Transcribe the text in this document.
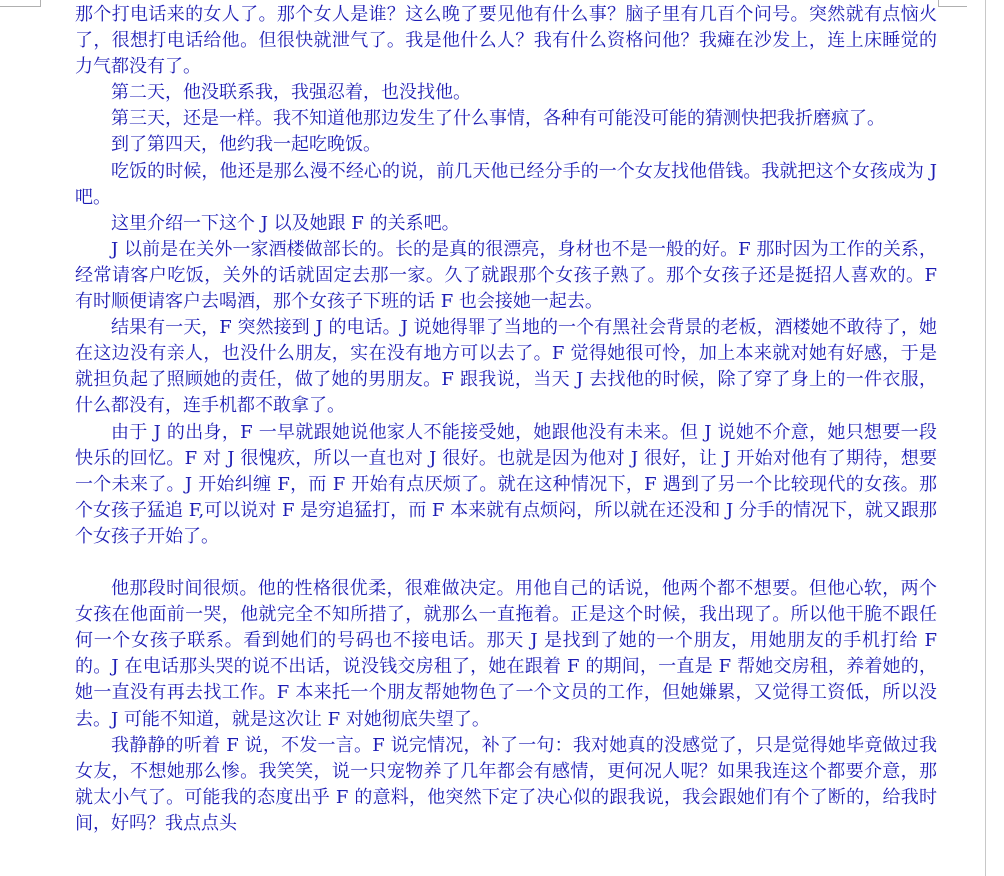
那个打电话来的女人了。那个女人是谁？这么晚了要见他有什么事？脑子里有几百个问号。突然就有点恼火了，很想打电话给他。但很快就泄气了。我是他什么人？我有什么资格问他？我瘫在沙发上，连上床睡觉的力气都没有了。

第二天，他没联系我，我强忍着，也没找他。

第三天，还是一样。我不知道他那边发生了什么事情，各种有可能没可能的猜测快把我折磨疯了。

到了第四天，他约我一起吃晚饭。

吃饭的时候，他还是那么漫不经心的说，前几天他已经分手的一个女友找他借钱。我就把这个女孩成为 J 吧。

这里介绍一下这个 J 以及她跟 F 的关系吧。

J 以前是在关外一家酒楼做部长的。长的是真的很漂亮，身材也不是一般的好。F 那时因为工作的关系，经常请客户吃饭，关外的话就固定去那一家。久了就跟那个女孩子熟了。那个女孩子还是挺招人喜欢的。F 有时顺便请客户去喝酒，那个女孩子下班的话 F 也会接她一起去。

结果有一天，F 突然接到 J 的电话。J 说她得罪了当地的一个有黑社会背景的老板，酒楼她不敢待了，她在这边没有亲人，也没什么朋友，实在没有地方可以去了。F 觉得她很可怜，加上本来就对她有好感，于是就担负起了照顾她的责任，做了她的男朋友。F 跟我说，当天 J 去找他的时候，除了穿了身上的一件衣服，什么都没有，连手机都不敢拿了。

由于 J 的出身，F 一早就跟她说他家人不能接受她，她跟他没有未来。但 J 说她不介意，她只想要一段快乐的回忆。F 对 J 很愧疚，所以一直也对 J 很好。也就是因为他对 J 很好，让 J 开始对他有了期待，想要一个未来了。J 开始纠缠 F，而 F 开始有点厌烦了。就在这种情况下，F 遇到了另一个比较现代的女孩。那个女孩子猛追 F,可以说对 F 是穷追猛打，而 F 本来就有点烦闷，所以就在还没和 J 分手的情况下，就又跟那个女孩子开始了。

他那段时间很烦。他的性格很优柔，很难做决定。用他自己的话说，他两个都不想要。但他心软，两个女孩在他面前一哭，他就完全不知所措了，就那么一直拖着。正是这个时候，我出现了。所以他干脆不跟任何一个女孩子联系。看到她们的号码也不接电话。那天 J 是找到了她的一个朋友，用她朋友的手机打给 F 的。J 在电话那头哭的说不出话，说没钱交房租了，她在跟着 F 的期间，一直是 F 帮她交房租，养着她的，她一直没有再去找工作。F 本来托一个朋友帮她物色了一个文员的工作，但她嫌累，又觉得工资低，所以没去。J 可能不知道，就是这次让 F 对她彻底失望了。

我静静的听着 F 说，不发一言。F 说完情况，补了一句：我对她真的没感觉了，只是觉得她毕竟做过我女友，不想她那么惨。我笑笑，说一只宠物养了几年都会有感情，更何况人呢？如果我连这个都要介意，那就太小气了。可能我的态度出乎 F 的意料，他突然下定了决心似的跟我说，我会跟她们有个了断的，给我时间，好吗？我点点头
